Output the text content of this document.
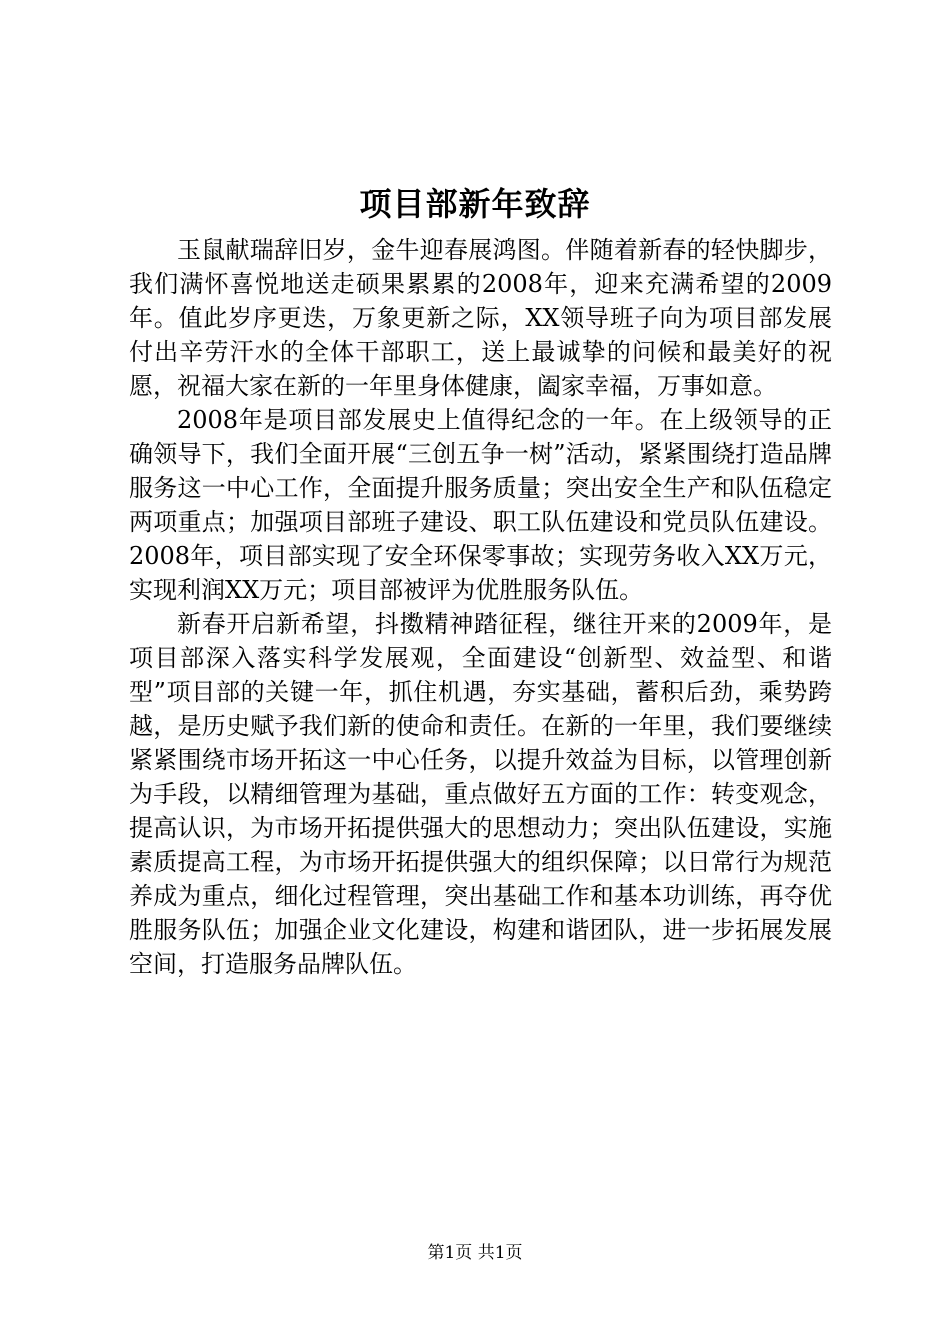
项目部新年致辞

玉鼠献瑞辞旧岁，金牛迎春展鸿图。伴随着新春的轻快脚步，我们满怀喜悦地送走硕果累累的2008年，迎来充满希望的2009年。值此岁序更迭，万象更新之际，XX领导班子向为项目部发展付出辛劳汗水的全体干部职工，送上最诚挚的问候和最美好的祝愿，祝福大家在新的一年里身体健康，阖家幸福，万事如意。

2008年是项目部发展史上值得纪念的一年。在上级领导的正确领导下，我们全面开展“三创五争一树”活动，紧紧围绕打造品牌服务这一中心工作，全面提升服务质量；突出安全生产和队伍稳定两项重点；加强项目部班子建设、职工队伍建设和党员队伍建设。2008年，项目部实现了安全环保零事故；实现劳务收入XX万元，实现利润XX万元；项目部被评为优胜服务队伍。

新春开启新希望，抖擞精神踏征程，继往开来的2009年，是项目部深入落实科学发展观，全面建设“创新型、效益型、和谐型”项目部的关键一年，抓住机遇，夯实基础，蓄积后劲，乘势跨越，是历史赋予我们新的使命和责任。在新的一年里，我们要继续紧紧围绕市场开拓这一中心任务，以提升效益为目标，以管理创新为手段，以精细管理为基础，重点做好五方面的工作：转变观念，提高认识，为市场开拓提供强大的思想动力；突出队伍建设，实施素质提高工程，为市场开拓提供强大的组织保障；以日常行为规范养成为重点，细化过程管理，突出基础工作和基本功训练，再夺优胜服务队伍；加强企业文化建设，构建和谐团队，进一步拓展发展空间，打造服务品牌队伍。

第1页 共1页
